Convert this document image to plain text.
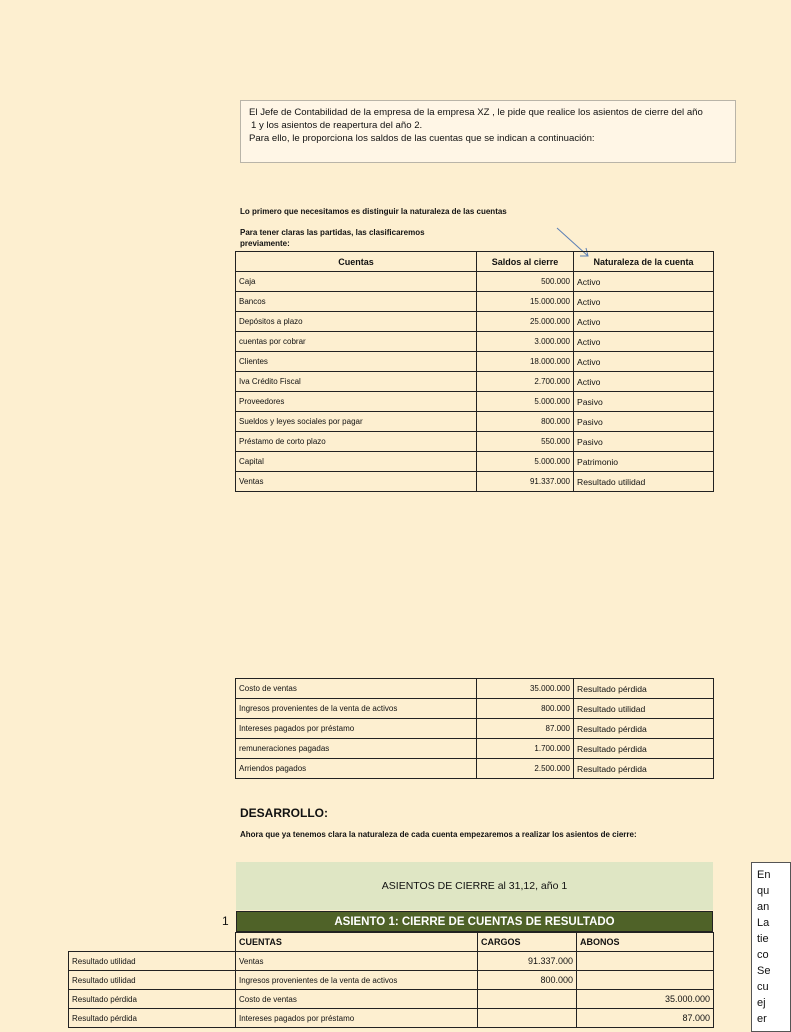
El Jefe de Contabilidad de la empresa de la empresa XZ , le pide que realice los asientos de cierre del año
1 y los asientos de reapertura del año 2.
Para ello, le proporciona los saldos de las cuentas que se indican a continuación:
Lo primero que necesitamos es distinguir la naturaleza de las cuentas
Para tener claras las partidas, las clasificaremos
previamente:
Cuentas	Saldos al cierre	Naturaleza de la cuenta
Caja	500.000	Activo
Bancos	15.000.000	Activo
Depósitos a plazo	25.000.000	Activo
cuentas por cobrar	3.000.000	Activo
Clientes	18.000.000	Activo
Iva Crédito Fiscal	2.700.000	Activo
Proveedores	5.000.000	Pasivo
Sueldos y leyes sociales por pagar	800.000	Pasivo
Préstamo de corto plazo	550.000	Pasivo
Capital	5.000.000	Patrimonio
Ventas	91.337.000	Resultado utilidad
Costo de ventas	35.000.000	Resultado pérdida
Ingresos provenientes de la venta de activos	800.000	Resultado utilidad
Intereses pagados por préstamo	87.000	Resultado pérdida
remuneraciones pagadas	1.700.000	Resultado pérdida
Arriendos pagados	2.500.000	Resultado pérdida
DESARROLLO:
Ahora que ya tenemos clara la naturaleza de cada cuenta empezaremos a realizar los asientos de cierre:
ASIENTOS DE CIERRE al 31,12, año 1
1	ASIENTO 1: CIERRE DE CUENTAS DE RESULTADO
	CUENTAS	CARGOS	ABONOS
Resultado utilidad	Ventas	91.337.000	
Resultado utilidad	Ingresos provenientes de la venta de activos	800.000	
Resultado pérdida	Costo de ventas		35.000.000
Resultado pérdida	Intereses pagados por préstamo		87.000
En
qu
an
La
tie
co
Se
cu
ej
er
